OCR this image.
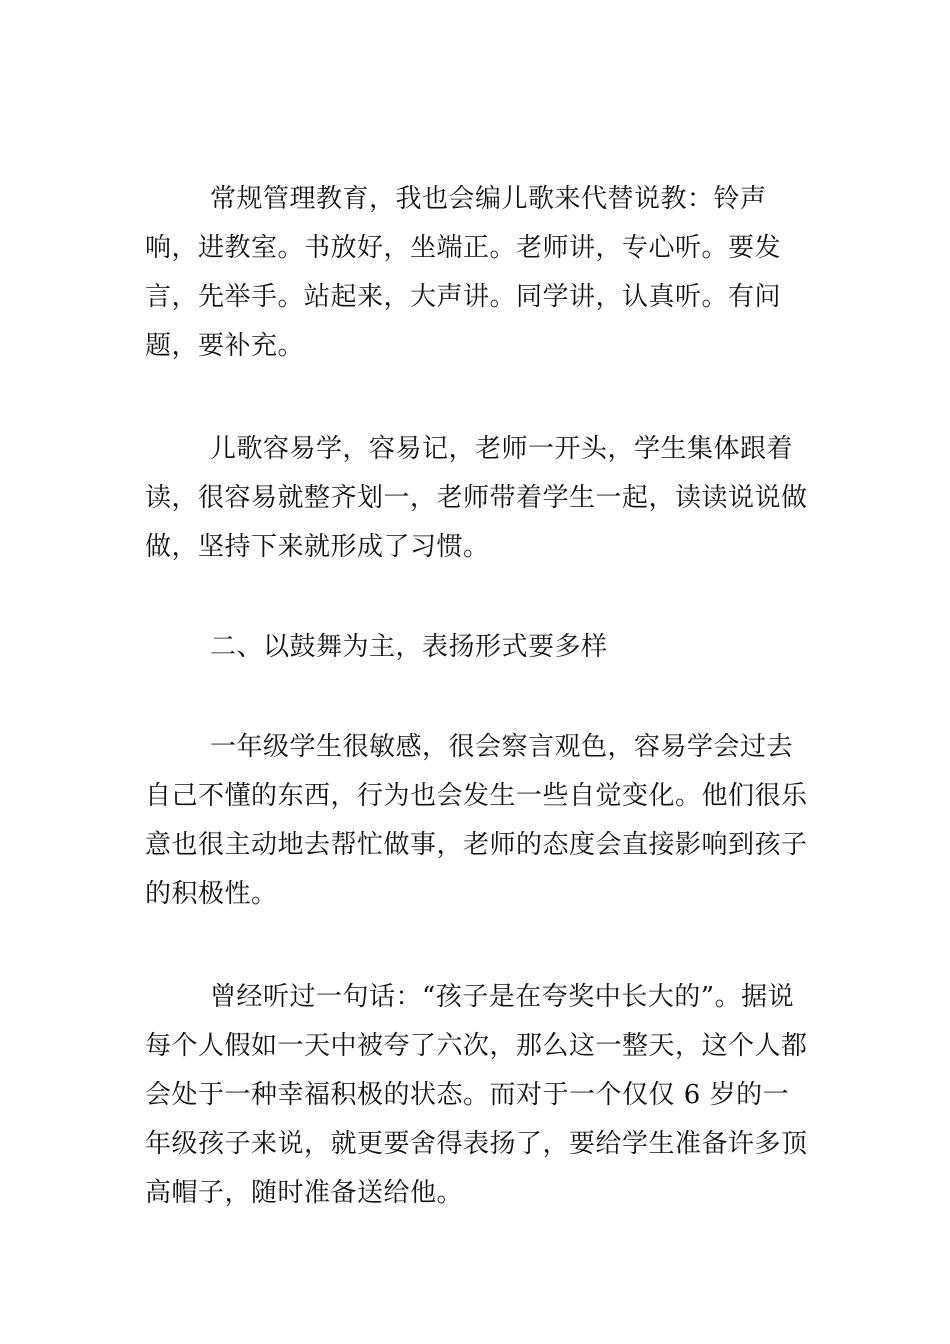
常规管理教育，我也会编儿歌来代替说教：铃声响，进教室。书放好，坐端正。老师讲，专心听。要发言，先举手。站起来，大声讲。同学讲，认真听。有问题，要补充。

儿歌容易学，容易记，老师一开头，学生集体跟着读，很容易就整齐划一，老师带着学生一起，读读说说做做，坚持下来就形成了习惯。

二、以鼓舞为主，表扬形式要多样

一年级学生很敏感，很会察言观色，容易学会过去自己不懂的东西，行为也会发生一些自觉变化。他们很乐意也很主动地去帮忙做事，老师的态度会直接影响到孩子的积极性。

曾经听过一句话：“孩子是在夸奖中长大的”。据说每个人假如一天中被夸了六次，那么这一整天，这个人都会处于一种幸福积极的状态。而对于一个仅仅 6 岁的一年级孩子来说，就更要舍得表扬了，要给学生准备许多顶高帽子，随时准备送给他。
